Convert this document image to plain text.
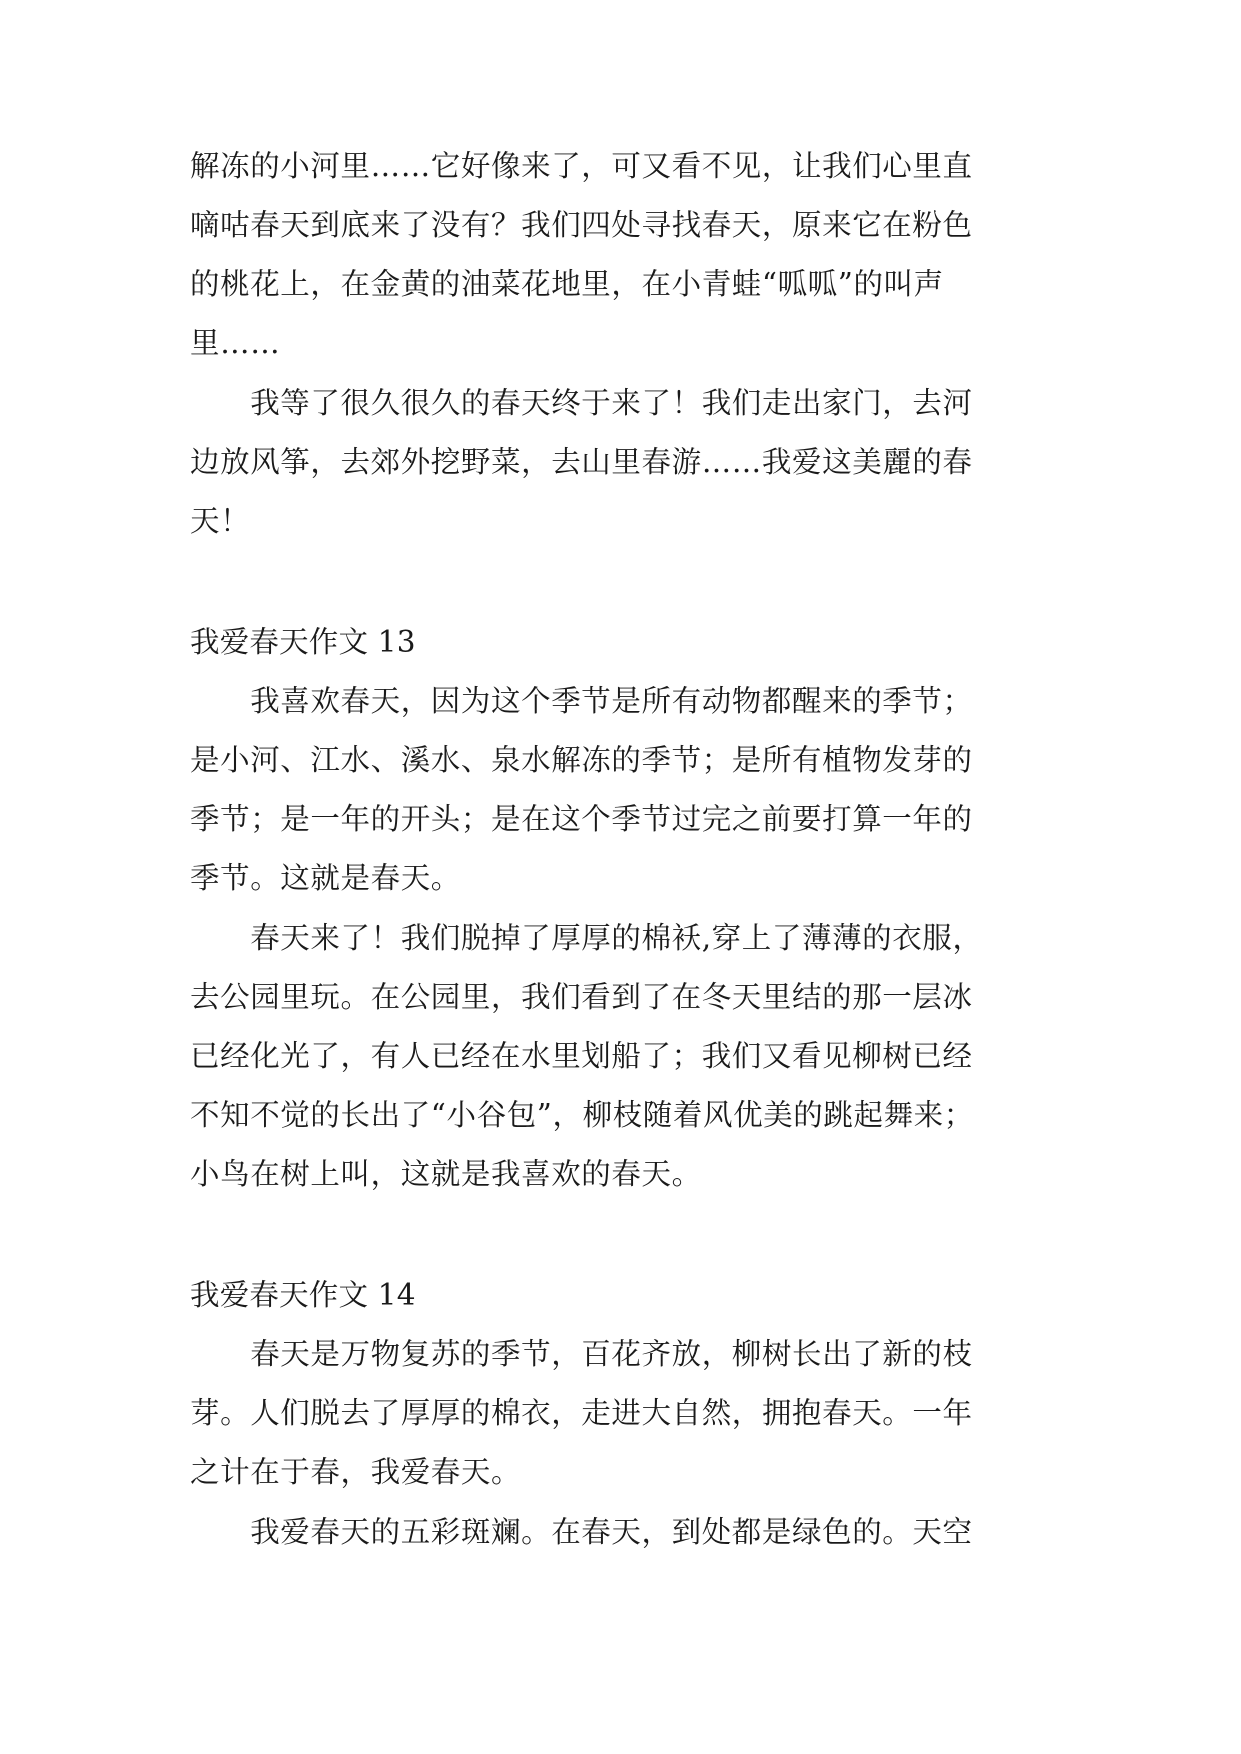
解冻的小河里……它好像来了，可又看不见，让我们心里直
嘀咕春天到底来了没有？我们四处寻找春天，原来它在粉色
的桃花上，在金黄的油菜花地里，在小青蛙“呱呱”的叫声
里……
　　我等了很久很久的春天终于来了！我们走出家门，去河
边放风筝，去郊外挖野菜，去山里春游……我爱这美麗的春
天！
我爱春天作文 13
　　我喜欢春天，因为这个季节是所有动物都醒来的季节；
是小河、江水、溪水、泉水解冻的季节；是所有植物发芽的
季节；是一年的开头；是在这个季节过完之前要打算一年的
季节。这就是春天。
　　春天来了！我们脱掉了厚厚的棉袄,穿上了薄薄的衣服，
去公园里玩。在公园里，我们看到了在冬天里结的那一层冰
已经化光了，有人已经在水里划船了；我们又看见柳树已经
不知不觉的长出了“小谷包”，柳枝随着风优美的跳起舞来；
小鸟在树上叫，这就是我喜欢的春天。
我爱春天作文 14
　　春天是万物复苏的季节，百花齐放，柳树长出了新的枝
芽。人们脱去了厚厚的棉衣，走进大自然，拥抱春天。一年
之计在于春，我爱春天。
　　我爱春天的五彩斑斓。在春天，到处都是绿色的。天空
